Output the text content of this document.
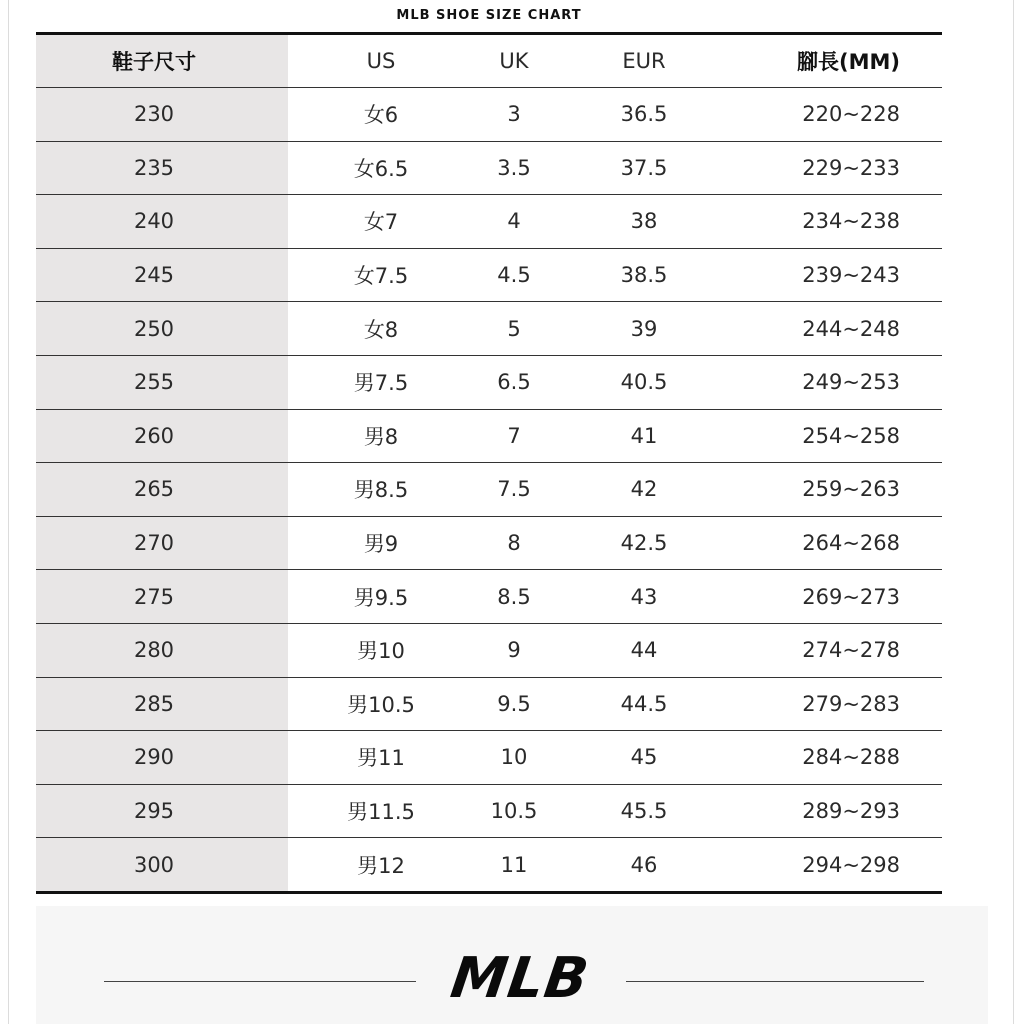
MLB SHOE SIZE CHART
鞋子尺寸	US	UK	EUR	腳長(MM)
230	女6	3	36.5	220~228
235	女6.5	3.5	37.5	229~233
240	女7	4	38	234~238
245	女7.5	4.5	38.5	239~243
250	女8	5	39	244~248
255	男7.5	6.5	40.5	249~253
260	男8	7	41	254~258
265	男8.5	7.5	42	259~263
270	男9	8	42.5	264~268
275	男9.5	8.5	43	269~273
280	男10	9	44	274~278
285	男10.5	9.5	44.5	279~283
290	男11	10	45	284~288
295	男11.5	10.5	45.5	289~293
300	男12	11	46	294~298
MLB
